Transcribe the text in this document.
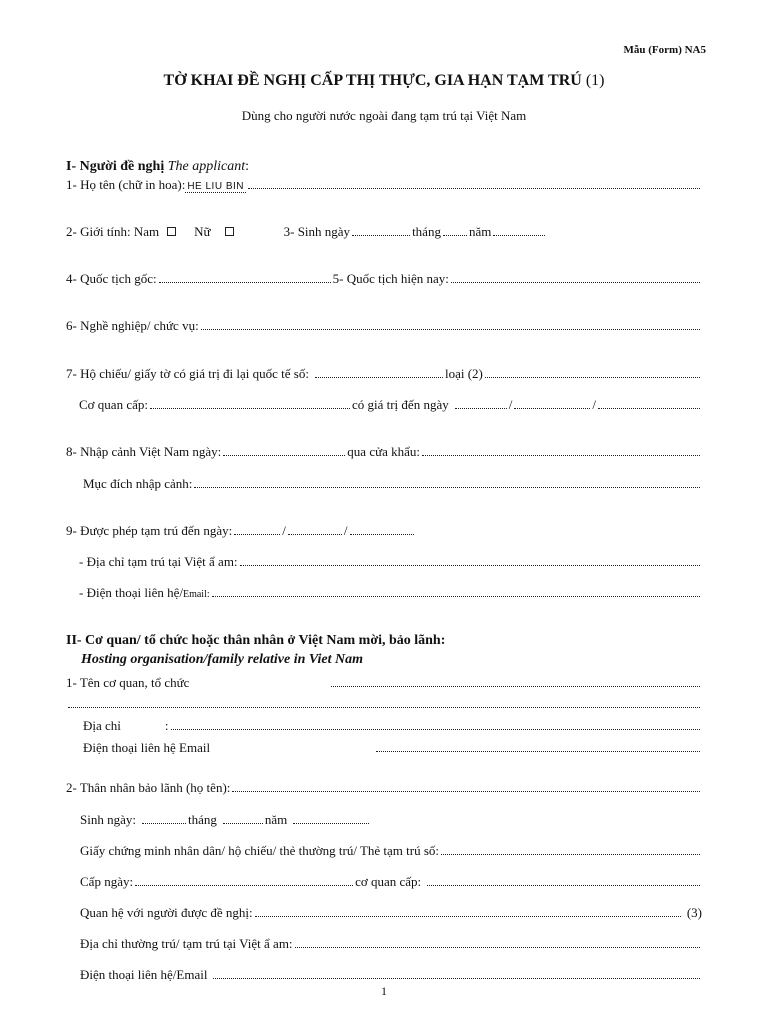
Mẫu (Form) NA5
TỜ KHAI ĐỀ NGHỊ CẤP THỊ THỰC, GIA HẠN TẠM TRÚ (1)
Dùng cho người nước ngoài đang tạm trú tại Việt Nam
I- Người đề nghị
The applicant :
1- Họ tên (chữ in hoa): HE LIU BIN
2- Giới tính: Nam	Nữ	3- Sinh ngày	tháng năm
4- Quốc tịch gốc:	5- Quốc tịch hiện nay:
6- Nghề nghiệp/ chức vụ:
7- Hộ chiếu/ giấy tờ có giá trị đi lại quốc tế số:	loại (2)
Cơ quan cấp:	có giá trị đến ngày	/	/
8- Nhập cảnh Việt Nam ngày:	qua cửa khẩu:
Mục đích nhập cảnh:
9- Được phép tạm trú đến ngày:	/	/
- Địa chỉ tạm trú tại Việt ẩ am:
- Điện thoại liên hệ/ Email:
II- Cơ quan/ tổ chức hoặc thân nhân ở Việt Nam mời, bảo lãnh:
Hosting organisation/family relative in Viet Nam
1- Tên cơ quan, tổ chức
Địa chỉ	:
Điện thoại liên hệ Email
2- Thân nhân bảo lãnh (họ tên):
Sinh ngày:	tháng	năm
Giấy chứng minh nhân dân/ hộ chiếu/ thẻ thường trú/ Thẻ tạm trú số:
Cấp ngày:	cơ quan cấp:
Quan hệ với người được đề nghị:	(3)
Địa chỉ thường trú/ tạm trú tại Việt ẩ am:
Điện thoại liên hệ/Email
1
